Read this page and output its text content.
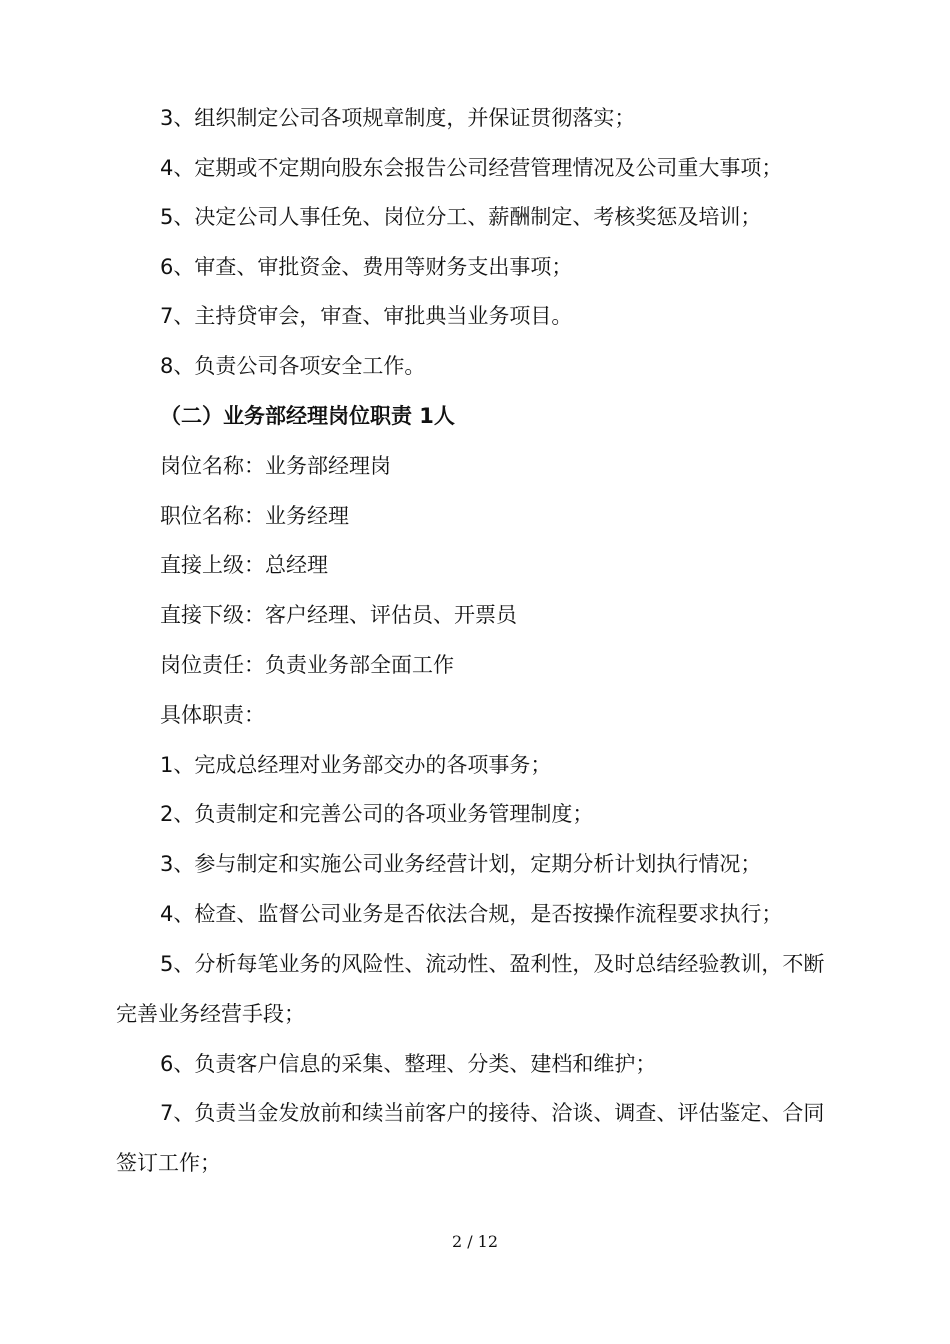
3、组织制定公司各项规章制度，并保证贯彻落实；
4、定期或不定期向股东会报告公司经营管理情况及公司重大事项；
5、决定公司人事任免、岗位分工、薪酬制定、考核奖惩及培训；
6、审查、审批资金、费用等财务支出事项；
7、主持贷审会，审查、审批典当业务项目。
8、负责公司各项安全工作。
（二）业务部经理岗位职责 1人
岗位名称：业务部经理岗
职位名称：业务经理
直接上级：总经理
直接下级：客户经理、评估员、开票员
岗位责任：负责业务部全面工作
具体职责：
1、完成总经理对业务部交办的各项事务；
2、负责制定和完善公司的各项业务管理制度；
3、参与制定和实施公司业务经营计划，定期分析计划执行情况；
4、检查、监督公司业务是否依法合规，是否按操作流程要求执行；
5、分析每笔业务的风险性、流动性、盈利性，及时总结经验教训，不断
完善业务经营手段；
6、负责客户信息的采集、整理、分类、建档和维护；
7、负责当金发放前和续当前客户的接待、洽谈、调查、评估鉴定、合同
签订工作；
2 / 12
